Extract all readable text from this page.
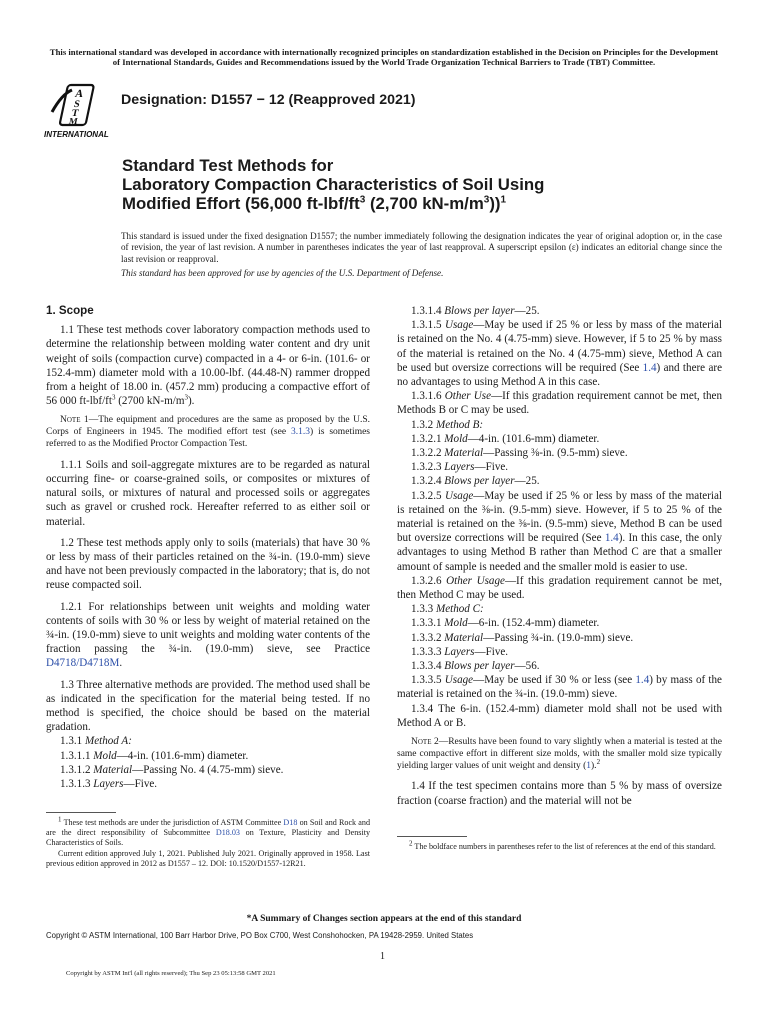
This international standard was developed in accordance with internationally recognized principles on standardization established in the Decision on Principles for the Development of International Standards, Guides and Recommendations issued by the World Trade Organization Technical Barriers to Trade (TBT) Committee.
A
S
T
M
INTERNATIONAL
Designation: D1557 − 12 (Reapproved 2021)
Standard Test Methods for
Laboratory Compaction Characteristics of Soil Using
Modified Effort (56,000 $ft-lbf/ft^3$ (2,700 $kN-m/m^3))^1$
This standard is issued under the fixed designation D1557; the number immediately following the designation indicates the year of original adoption or, in the case of revision, the year of last revision. A number in parentheses indicates the year of last reapproval. A superscript epsilon (ε) indicates an editorial change since the last revision or reapproval.
This standard has been approved for use by agencies of the U.S. Department of Defense.

1. Scope

1.1 These test methods cover laboratory compaction methods used to determine the relationship between molding water content and dry unit weight of soils (compaction curve) compacted in a 4- or 6-in. (101.6- or 152.4-mm) diameter mold with a 10.00-lbf. (44.48-N) rammer dropped from a height of 18.00 in. (457.2 mm) producing a compactive effort of 56 000 $ft-lbf/ft^3$ (2700 $kN-m/m^3$).

Note 1—The equipment and procedures are the same as proposed by the U.S. Corps of Engineers in 1945. The modified effort test (see 3.1.3) is sometimes referred to as the Modified Proctor Compaction Test.

1.1.1 Soils and soil-aggregate mixtures are to be regarded as natural occurring fine- or coarse-grained soils, or composites or mixtures of natural soils, or mixtures of natural and processed soils or aggregates such as gravel or crushed rock. Hereafter referred to as either soil or material.

1.2 These test methods apply only to soils (materials) that have 30 % or less by mass of their particles retained on the ¾-in. (19.0-mm) sieve and have not been previously compacted in the laboratory; that is, do not reuse compacted soil.

1.2.1 For relationships between unit weights and molding water contents of soils with 30 % or less by weight of material retained on the ¾-in. (19.0-mm) sieve to unit weights and molding water contents of the fraction passing the ¾-in. (19.0-mm) sieve, see Practice D4718/D4718M.

1.3 Three alternative methods are provided. The method used shall be as indicated in the specification for the material being tested. If no method is specified, the choice should be based on the material gradation.

1.3.1 Method A:

1.3.1.1 Mold—4-in. (101.6-mm) diameter.

1.3.1.2 Material—Passing No. 4 (4.75-mm) sieve.

1.3.1.3 Layers—Five.

$^1$ These test methods are under the jurisdiction of ASTM Committee D18 on Soil and Rock and are the direct responsibility of Subcommittee D18.03 on Texture, Plasticity and Density Characteristics of Soils.

Current edition approved July 1, 2021. Published July 2021. Originally approved in 1958. Last previous edition approved in 2012 as D1557 – 12. DOI: 10.1520/D1557-12R21.

1.3.1.4 Blows per layer—25.

1.3.1.5 Usage—May be used if 25 % or less by mass of the material is retained on the No. 4 (4.75-mm) sieve. However, if 5 to 25 % by mass of the material is retained on the No. 4 (4.75-mm) sieve, Method A can be used but oversize corrections will be required (See 1.4) and there are no advantages to using Method A in this case.

1.3.1.6 Other Use—If this gradation requirement cannot be met, then Methods B or C may be used.

1.3.2 Method B:

1.3.2.1 Mold—4-in. (101.6-mm) diameter.

1.3.2.2 Material—Passing ⅜-in. (9.5-mm) sieve.

1.3.2.3 Layers—Five.

1.3.2.4 Blows per layer—25.

1.3.2.5 Usage—May be used if 25 % or less by mass of the material is retained on the ⅜-in. (9.5-mm) sieve. However, if 5 to 25 % of the material is retained on the ⅜-in. (9.5-mm) sieve, Method B can be used but oversize corrections will be required (See 1.4). In this case, the only advantages to using Method B rather than Method C are that a smaller amount of sample is needed and the smaller mold is easier to use.

1.3.2.6 Other Usage—If this gradation requirement cannot be met, then Method C may be used.

1.3.3 Method C:

1.3.3.1 Mold—6-in. (152.4-mm) diameter.

1.3.3.2 Material—Passing ¾-in. (19.0-mm) sieve.

1.3.3.3 Layers—Five.

1.3.3.4 Blows per layer—56.

1.3.3.5 Usage—May be used if 30 % or less (see 1.4) by mass of the material is retained on the ¾-in. (19.0-mm) sieve.

1.3.4 The 6-in. (152.4-mm) diameter mold shall not be used with Method A or B.

Note 2—Results have been found to vary slightly when a material is tested at the same compactive effort in different size molds, with the smaller mold size typically yielding larger values of unit weight and density (1).$^2$

1.4 If the test specimen contains more than 5 % by mass of oversize fraction (coarse fraction) and the material will not be

$^2$ The boldface numbers in parentheses refer to the list of references at the end of this standard.

*A Summary of Changes section appears at the end of this standard
Copyright © ASTM International, 100 Barr Harbor Drive, PO Box C700, West Conshohocken, PA 19428-2959. United States
1
Copyright by ASTM Int'l (all rights reserved); Thu Sep 23 05:13:58 GMT 2021
